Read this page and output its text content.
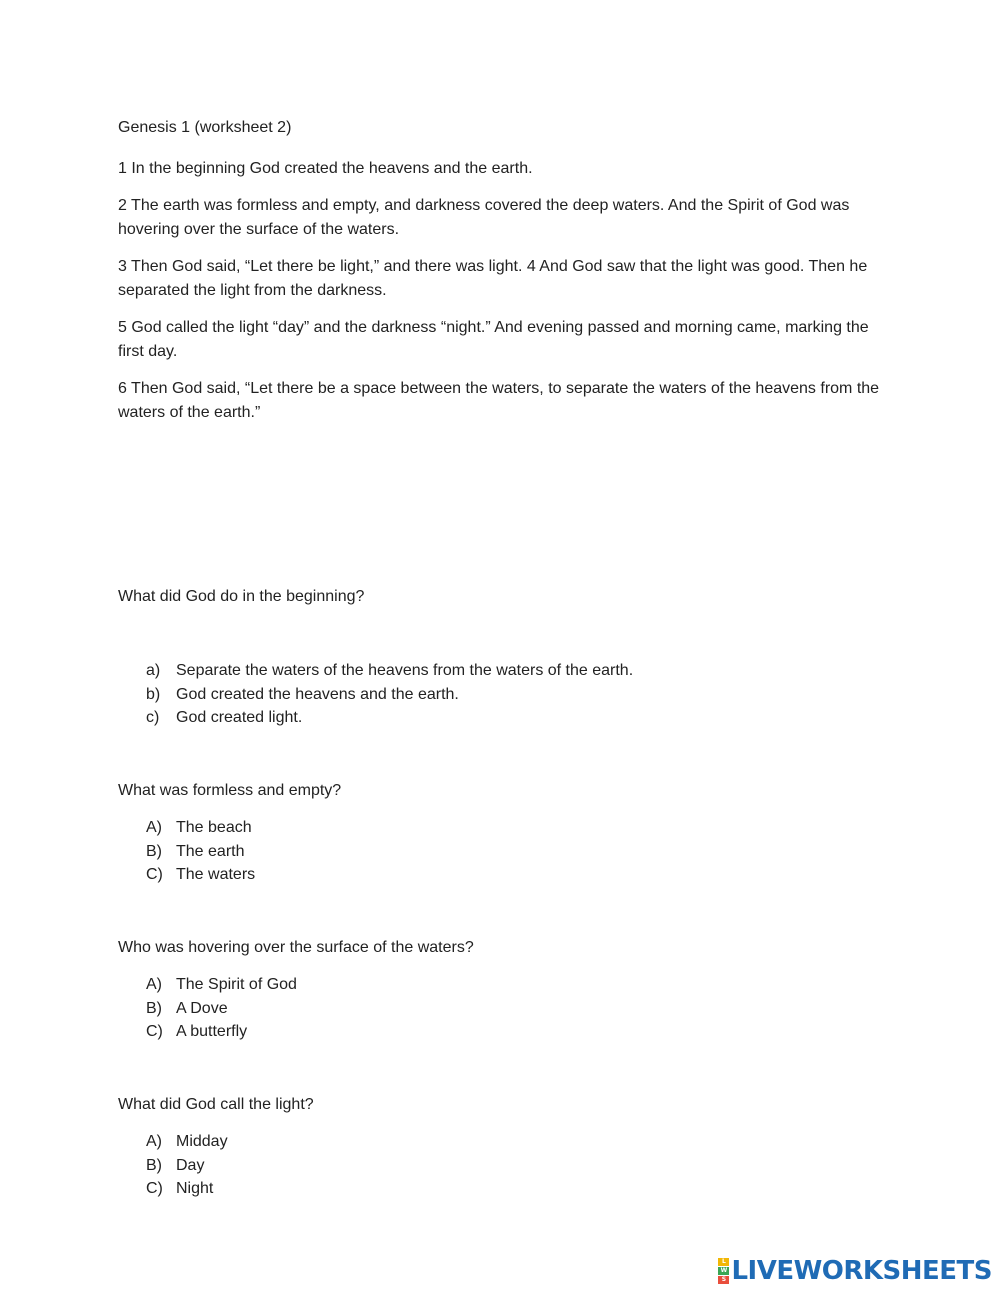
Genesis 1 (worksheet 2)

1 In the beginning God created the heavens and the earth.

2 The earth was formless and empty, and darkness covered the deep waters. And the Spirit of God was hovering over the surface of the waters.

3 Then God said, “Let there be light,” and there was light. 4 And God saw that the light was good. Then he separated the light from the darkness.

5 God called the light “day” and the darkness “night.” And evening passed and morning came, marking the first day.

6 Then God said, “Let there be a space between the waters, to separate the waters of the heavens from the waters of the earth.”

What did God do in the beginning?

a) Separate the waters of the heavens from the waters of the earth.
b) God created the heavens and the earth.
c)	God created light.

What was formless and empty?

A) The beach
B) The earth
C) The waters

Who was hovering over the surface of the waters?

A) The Spirit of God
B) A Dove
C) A butterfly

What did God call the light?

A) Midday
B) Day
C) Night
L
W
S LIVEWORKSHEETS
